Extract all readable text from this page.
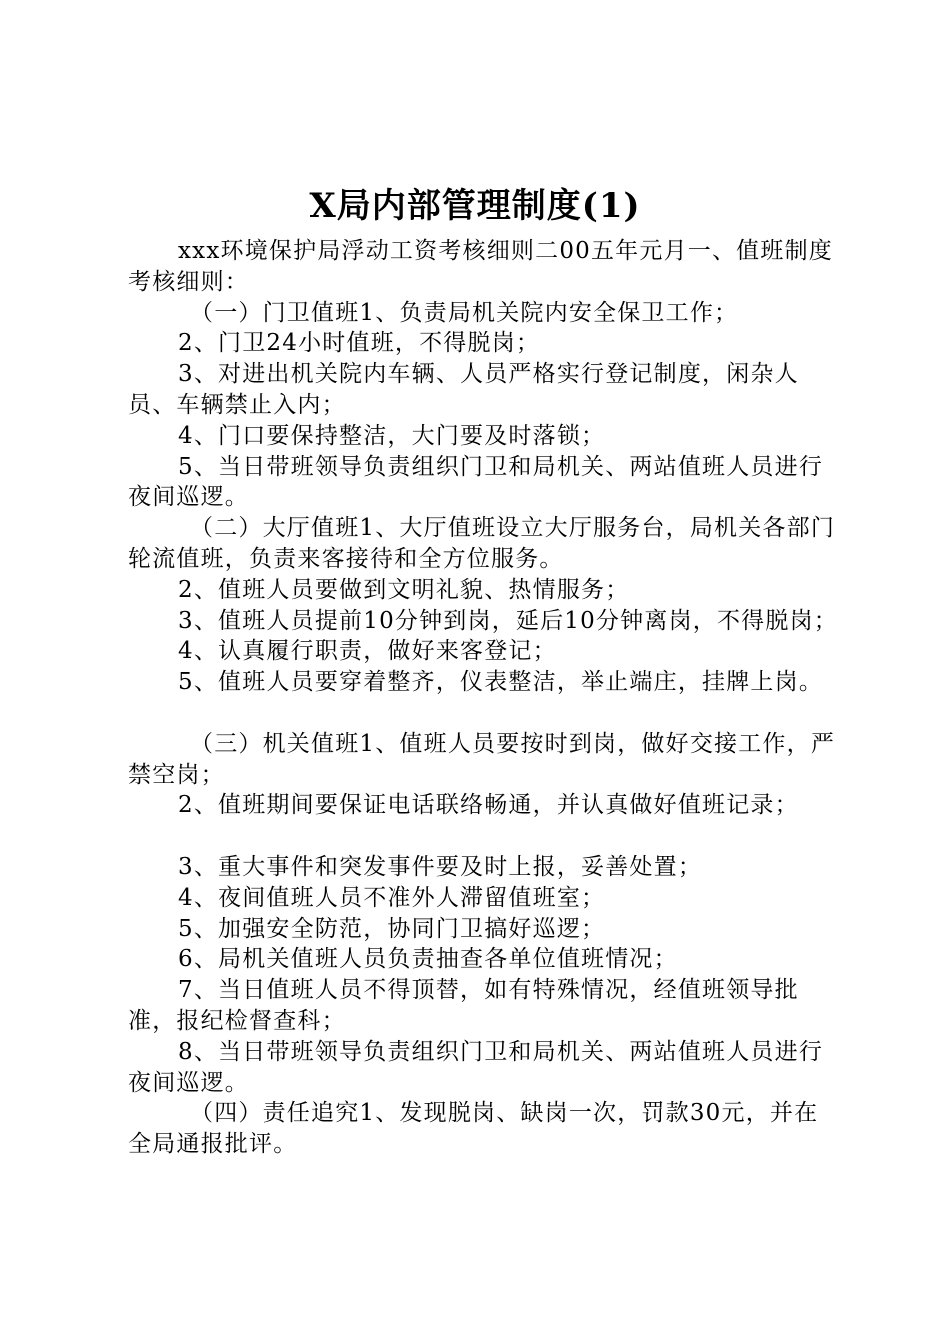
X局内部管理制度(1)

xxx环境保护局浮动工资考核细则二00五年元月一、值班制度考核细则：

（一）门卫值班1、负责局机关院内安全保卫工作；

2、门卫24小时值班，不得脱岗；

3、对进出机关院内车辆、人员严格实行登记制度，闲杂人员、车辆禁止入内；

4、门口要保持整洁，大门要及时落锁；

5、当日带班领导负责组织门卫和局机关、两站值班人员进行夜间巡逻。

（二）大厅值班1、大厅值班设立大厅服务台，局机关各部门轮流值班，负责来客接待和全方位服务。

2、值班人员要做到文明礼貌、热情服务；

3、值班人员提前10分钟到岗，延后10分钟离岗，不得脱岗；

4、认真履行职责，做好来客登记；

5、值班人员要穿着整齐，仪表整洁，举止端庄，挂牌上岗。

（三）机关值班1、值班人员要按时到岗，做好交接工作，严禁空岗；

2、值班期间要保证电话联络畅通，并认真做好值班记录；

3、重大事件和突发事件要及时上报，妥善处置；

4、夜间值班人员不准外人滞留值班室；

5、加强安全防范，协同门卫搞好巡逻；

6、局机关值班人员负责抽查各单位值班情况；

7、当日值班人员不得顶替，如有特殊情况，经值班领导批准，报纪检督查科；

8、当日带班领导负责组织门卫和局机关、两站值班人员进行夜间巡逻。

（四）责任追究1、发现脱岗、缺岗一次，罚款30元，并在全局通报批评。
